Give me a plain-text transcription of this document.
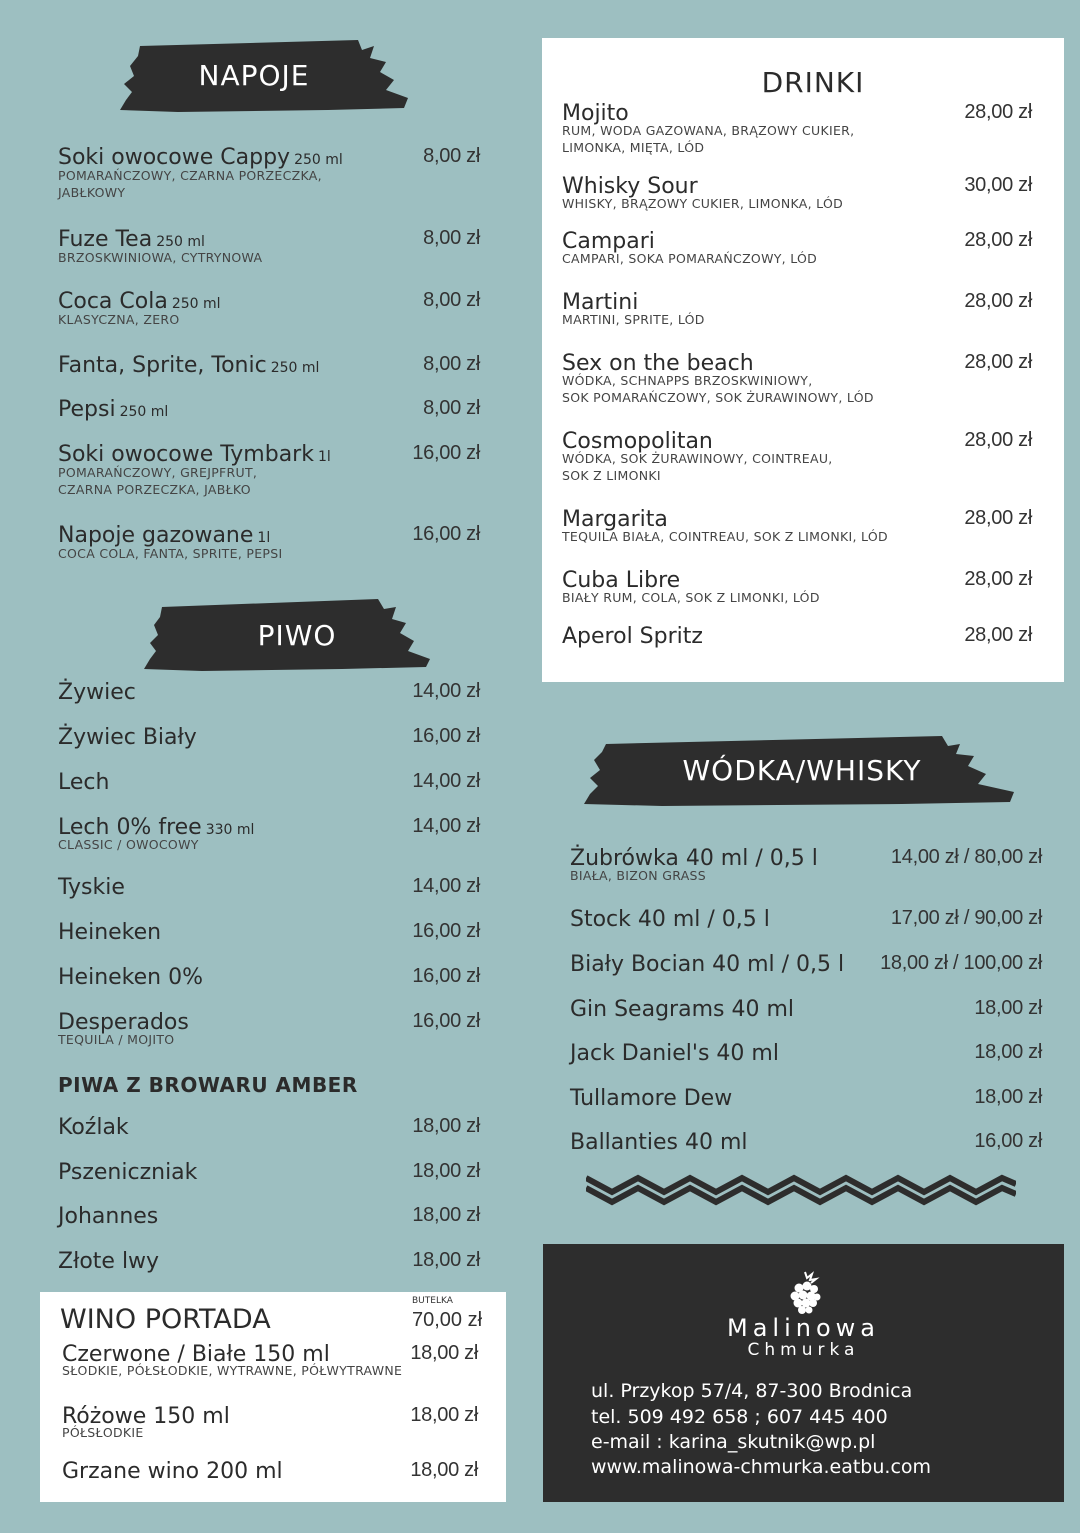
NAPOJE
Soki owocowe Cappy 250 ml
POMARAŃCZOWY, CZARNA PORZECZKA,
JABŁKOWY
8,00 zł
Fuze Tea 250 ml
BRZOSKWINIOWA, CYTRYNOWA
8,00 zł
Coca Cola 250 ml
KLASYCZNA, ZERO
8,00 zł
Fanta, Sprite, Tonic 250 ml	8,00 zł
Pepsi 250 ml	8,00 zł
Soki owocowe Tymbark 1l
POMARAŃCZOWY, GREJPFRUT,
CZARNA PORZECZKA, JABŁKO
16,00 zł
Napoje gazowane 1l
COCA COLA, FANTA, SPRITE, PEPSI
16,00 zł
PIWO
Żywiec	14,00 zł
Żywiec Biały	16,00 zł
Lech	14,00 zł
Lech 0% free 330 ml
CLASSIC / OWOCOWY
14,00 zł
Tyskie	14,00 zł
Heineken	16,00 zł
Heineken 0%	16,00 zł
Desperados
TEQUILA / MOJITO
16,00 zł
PIWA Z BROWARU AMBER
Koźlak	18,00 zł
Pszeniczniak	18,00 zł
Johannes	18,00 zł
Złote lwy	18,00 zł
WINO PORTADA
BUTELKA
70,00 zł
Czerwone / Białe 150 ml
SŁODKIE, PÓŁSŁODKIE, WYTRAWNE, PÓŁWYTRAWNE
18,00 zł
Różowe 150 ml
PÓŁSŁODKIE
18,00 zł
Grzane wino 200 ml	18,00 zł
DRINKI
Mojito
RUM, WODA GAZOWANA, BRĄZOWY CUKIER,
LIMONKA, MIĘTA, LÓD
28,00 zł
Whisky Sour
WHISKY, BRĄZOWY CUKIER, LIMONKA, LÓD
30,00 zł
Campari
CAMPARI, SOKA POMARAŃCZOWY, LÓD
28,00 zł
Martini
MARTINI, SPRITE, LÓD
28,00 zł
Sex on the beach
WÓDKA, SCHNAPPS BRZOSKWINIOWY,
SOK POMARAŃCZOWY, SOK ŻURAWINOWY, LÓD
28,00 zł
Cosmopolitan
WÓDKA, SOK ŻURAWINOWY, COINTREAU,
SOK Z LIMONKI
28,00 zł
Margarita
TEQUILA BIAŁA, COINTREAU, SOK Z LIMONKI, LÓD
28,00 zł
Cuba Libre
BIAŁY RUM, COLA, SOK Z LIMONKI, LÓD
28,00 zł
Aperol Spritz	28,00 zł
WÓDKA/WHISKY
Żubrówka 40 ml / 0,5 l
BIAŁA, BIZON GRASS
14,00 zł / 80,00 zł
Stock 40 ml / 0,5 l	17,00 zł / 90,00 zł
Biały Bocian 40 ml / 0,5 l	18,00 zł / 100,00 zł
Gin Seagrams 40 ml	18,00 zł
Jack Daniel's 40 ml	18,00 zł
Tullamore Dew	18,00 zł
Ballanties 40 ml	16,00 zł
Malinowa
Chmurka
ul. Przykop 57/4, 87-300 Brodnica
tel. 509 492 658 ; 607 445 400
e-mail : karina_skutnik@wp.pl
www.malinowa-chmurka.eatbu.com
